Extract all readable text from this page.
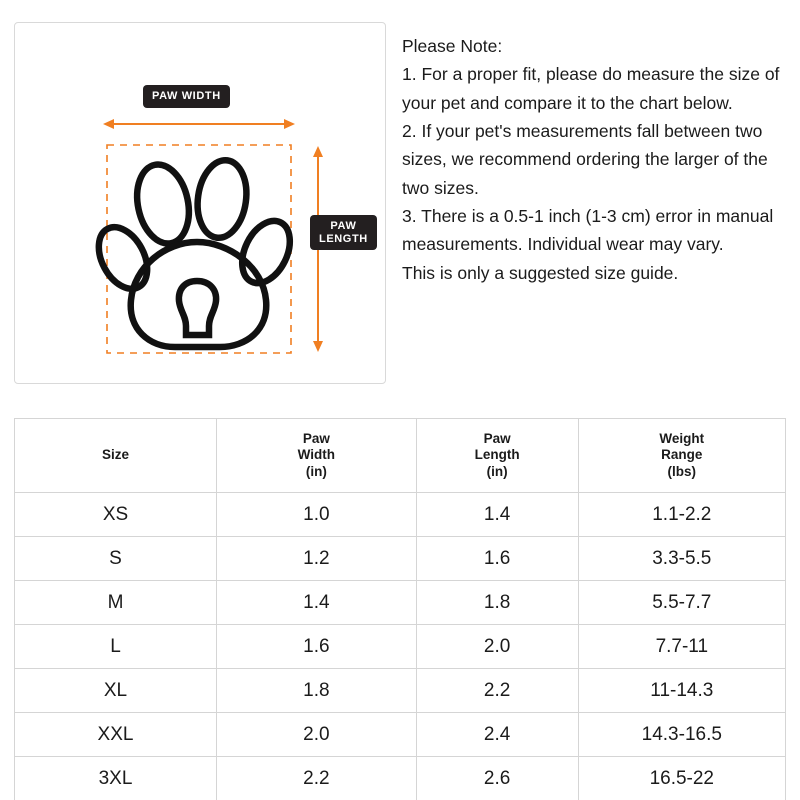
PAW WIDTH
PAW
LENGTH

Please Note:

1. For a proper fit, please do measure the size of your pet and compare it to the chart below.

2. If your pet's measurements fall between two sizes, we recommend ordering the larger of the two sizes.

3. There is a 0.5-1 inch (1-3 cm) error in manual measurements. Individual wear may vary.

This is only a suggested size guide.

Size	Paw
Width
(in)	Paw
Length
(in)	Weight
Range
(lbs)
XS	1.0	1.4	1.1-2.2
S	1.2	1.6	3.3-5.5
M	1.4	1.8	5.5-7.7
L	1.6	2.0	7.7-11
XL	1.8	2.2	11-14.3
XXL	2.0	2.4	14.3-16.5
3XL	2.2	2.6	16.5-22
